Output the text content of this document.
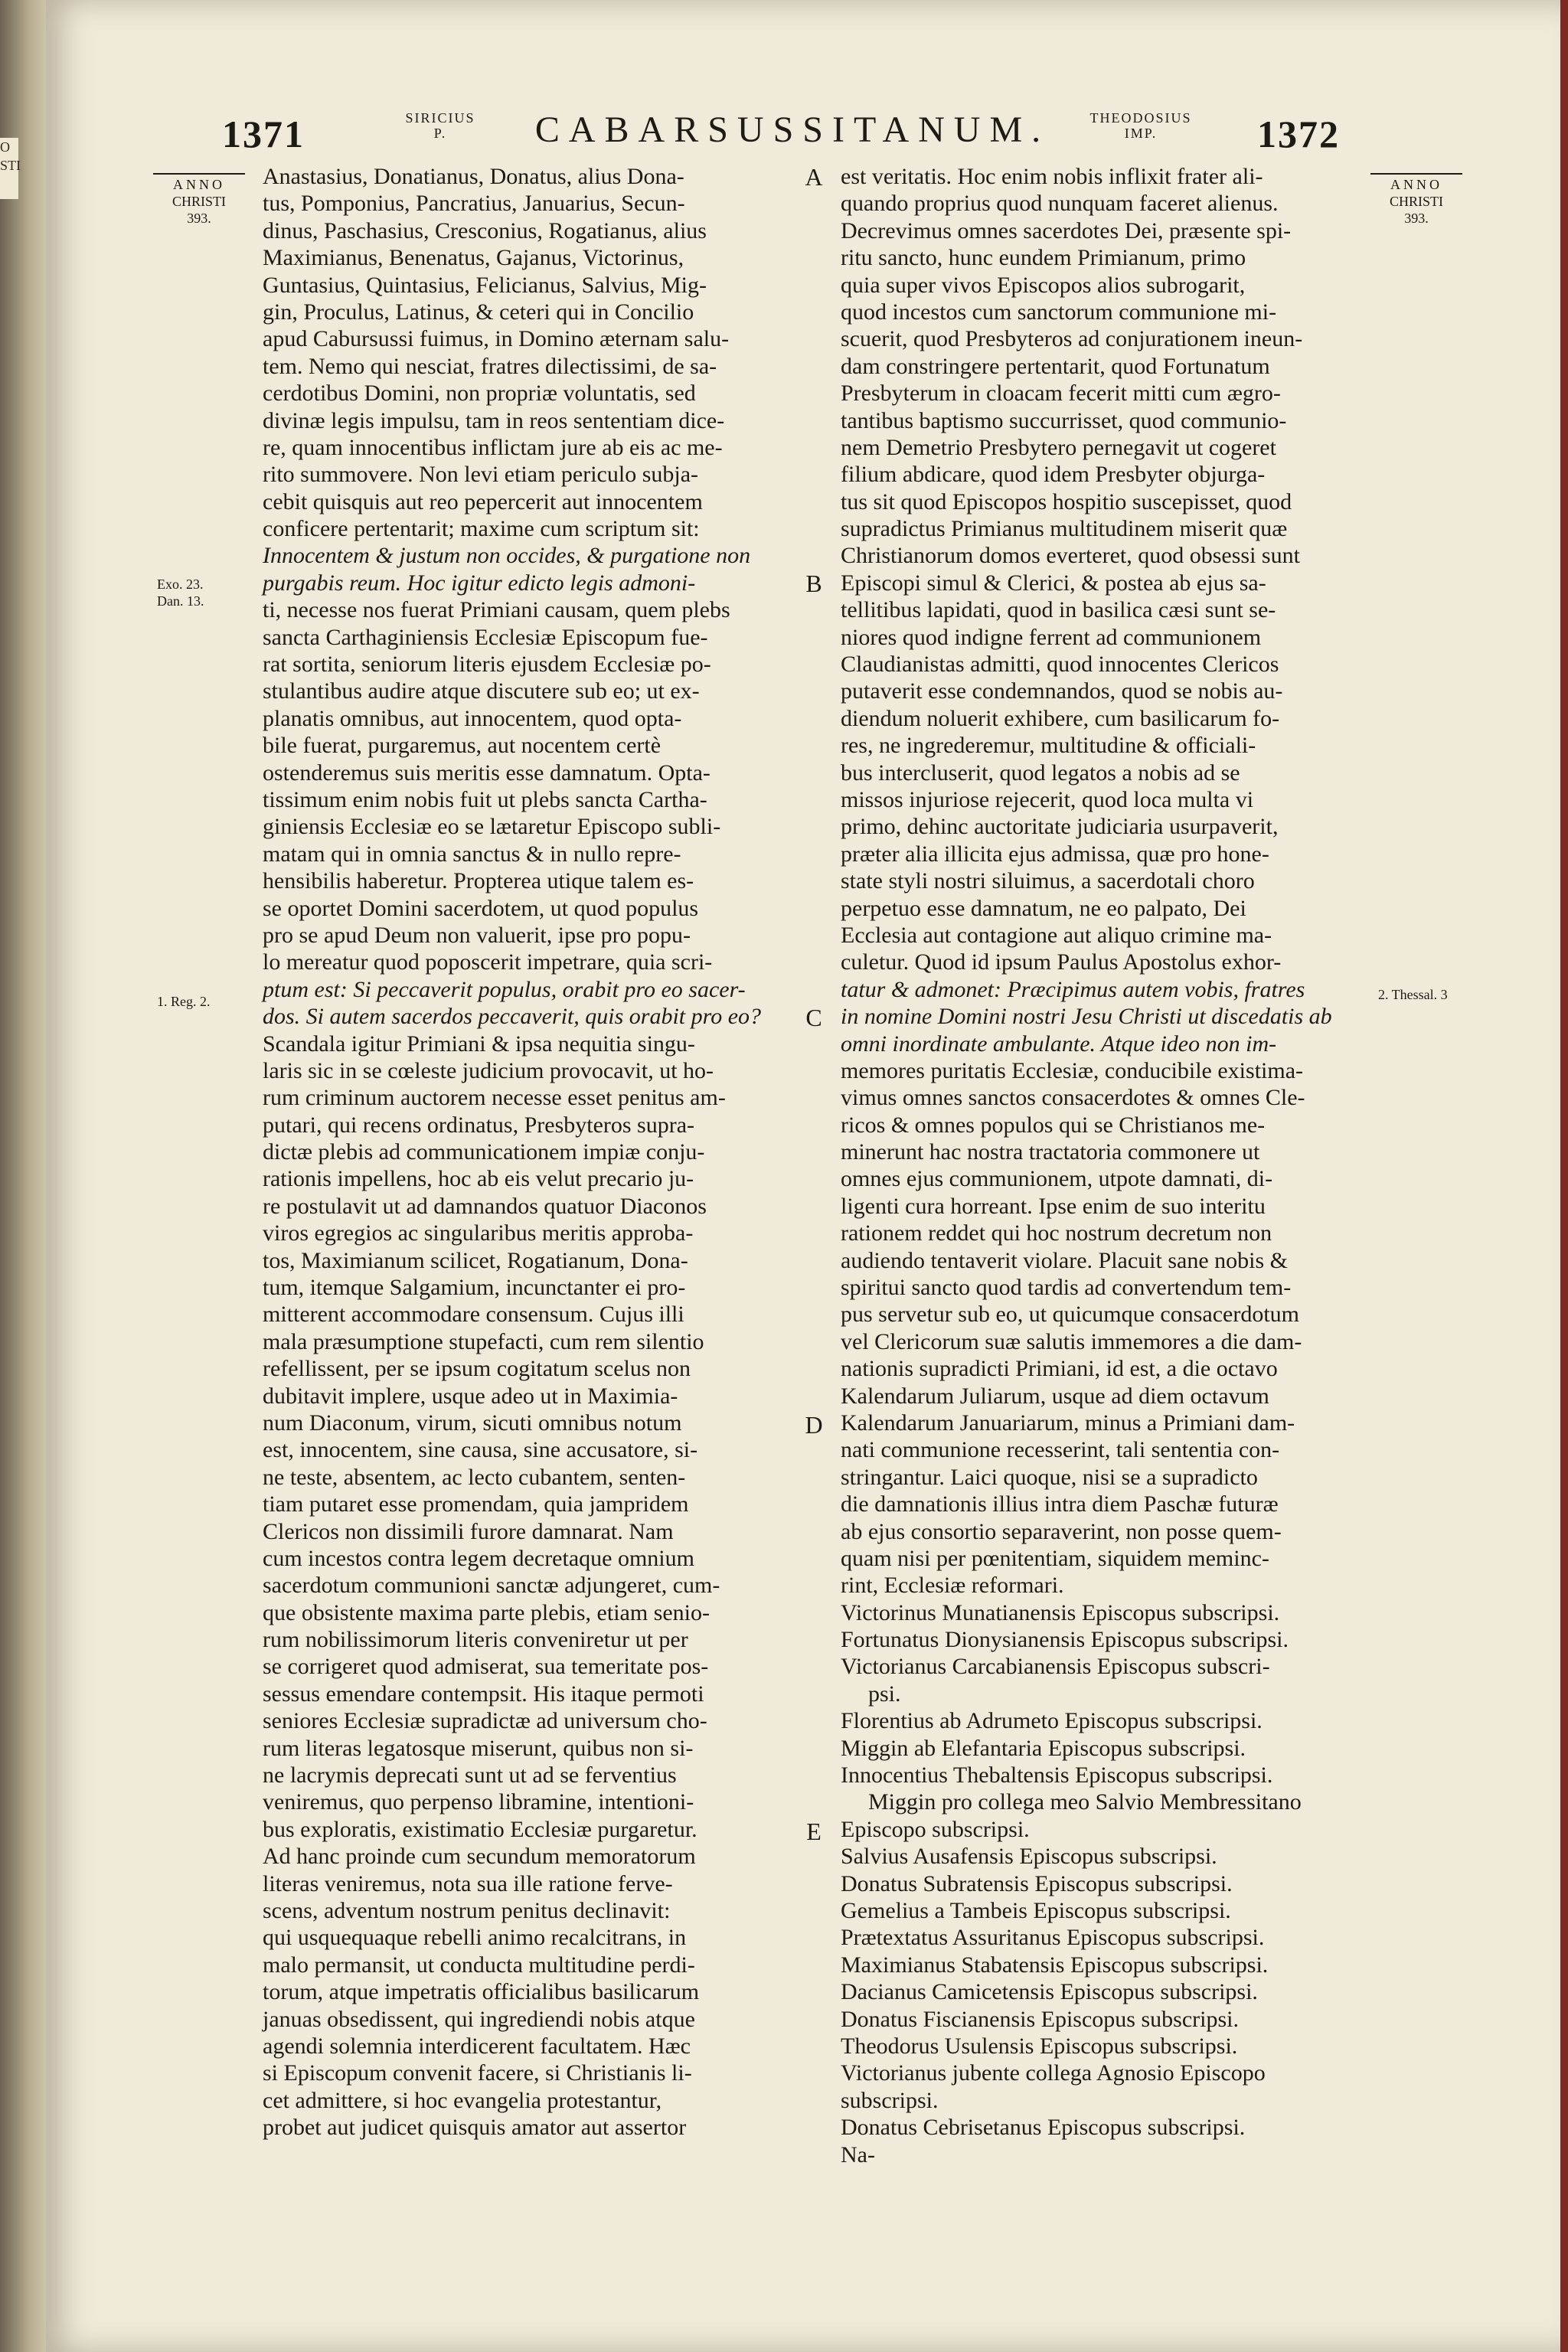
O
STI
1371	SIRICIUS
P.	CABARSUSSITANUM.	THEODOSIUS
IMP.	1372
ANNO
CHRISTI
393.
ANNO
CHRISTI
393.
Exo. 23.
Dan. 13.
1. Reg. 2.	2. Thessal. 3
A
B
C
D
E
Anastasius, Donatianus, Donatus, alius Dona-
tus, Pomponius, Pancratius, Januarius, Secun-
dinus, Paschasius, Cresconius, Rogatianus, alius
Maximianus, Benenatus, Gajanus, Victorinus,
Guntasius, Quintasius, Felicianus, Salvius, Mig-
gin, Proculus, Latinus, & ceteri qui in Concilio
apud Cabursussi fuimus, in Domino æternam salu-
tem. Nemo qui nesciat, fratres dilectissimi, de sa-
cerdotibus Domini, non propriæ voluntatis, sed
divinæ legis impulsu, tam in reos sententiam dice-
re, quam innocentibus inflictam jure ab eis ac me-
rito summovere. Non levi etiam periculo subja-
cebit quisquis aut reo pepercerit aut innocentem
conficere pertentarit; maxime cum scriptum sit:
Innocentem & justum non occides, & purgatione non
purgabis reum. Hoc igitur edicto legis admoni-
ti, necesse nos fuerat Primiani causam, quem plebs
sancta Carthaginiensis Ecclesiæ Episcopum fue-
rat sortita, seniorum literis ejusdem Ecclesiæ po-
stulantibus audire atque discutere sub eo; ut ex-
planatis omnibus, aut innocentem, quod opta-
bile fuerat, purgaremus, aut nocentem certè
ostenderemus suis meritis esse damnatum. Opta-
tissimum enim nobis fuit ut plebs sancta Cartha-
giniensis Ecclesiæ eo se lætaretur Episcopo subli-
matam qui in omnia sanctus & in nullo repre-
hensibilis haberetur. Propterea utique talem es-
se oportet Domini sacerdotem, ut quod populus
pro se apud Deum non valuerit, ipse pro popu-
lo mereatur quod poposcerit impetrare, quia scri-
ptum est: Si peccaverit populus, orabit pro eo sacer-
dos. Si autem sacerdos peccaverit, quis orabit pro eo?
Scandala igitur Primiani & ipsa nequitia singu-
laris sic in se cœleste judicium provocavit, ut ho-
rum criminum auctorem necesse esset penitus am-
putari, qui recens ordinatus, Presbyteros supra-
dictæ plebis ad communicationem impiæ conju-
rationis impellens, hoc ab eis velut precario ju-
re postulavit ut ad damnandos quatuor Diaconos
viros egregios ac singularibus meritis approba-
tos, Maximianum scilicet, Rogatianum, Dona-
tum, itemque Salgamium, incunctanter ei pro-
mitterent accommodare consensum. Cujus illi
mala præsumptione stupefacti, cum rem silentio
refellissent, per se ipsum cogitatum scelus non
dubitavit implere, usque adeo ut in Maximia-
num Diaconum, virum, sicuti omnibus notum
est, innocentem, sine causa, sine accusatore, si-
ne teste, absentem, ac lecto cubantem, senten-
tiam putaret esse promendam, quia jampridem
Clericos non dissimili furore damnarat. Nam
cum incestos contra legem decretaque omnium
sacerdotum communioni sanctæ adjungeret, cum-
que obsistente maxima parte plebis, etiam senio-
rum nobilissimorum literis conveniretur ut per
se corrigeret quod admiserat, sua temeritate pos-
sessus emendare contempsit. His itaque permoti
seniores Ecclesiæ supradictæ ad universum cho-
rum literas legatosque miserunt, quibus non si-
ne lacrymis deprecati sunt ut ad se ferventius
veniremus, quo perpenso libramine, intentioni-
bus exploratis, existimatio Ecclesiæ purgaretur.
Ad hanc proinde cum secundum memoratorum
literas veniremus, nota sua ille ratione ferve-
scens, adventum nostrum penitus declinavit:
qui usquequaque rebelli animo recalcitrans, in
malo permansit, ut conducta multitudine perdi-
torum, atque impetratis officialibus basilicarum
januas obsedissent, qui ingrediendi nobis atque
agendi solemnia interdicerent facultatem. Hæc
si Episcopum convenit facere, si Christianis li-
cet admittere, si hoc evangelia protestantur,
probet aut judicet quisquis amator aut assertor
est veritatis. Hoc enim nobis inflixit frater ali-
quando proprius quod nunquam faceret alienus.
Decrevimus omnes sacerdotes Dei, præsente spi-
ritu sancto, hunc eundem Primianum, primo
quia super vivos Episcopos alios subrogarit,
quod incestos cum sanctorum communione mi-
scuerit, quod Presbyteros ad conjurationem ineun-
dam constringere pertentarit, quod Fortunatum
Presbyterum in cloacam fecerit mitti cum ægro-
tantibus baptismo succurrisset, quod communio-
nem Demetrio Presbytero pernegavit ut cogeret
filium abdicare, quod idem Presbyter objurga-
tus sit quod Episcopos hospitio suscepisset, quod
supradictus Primianus multitudinem miserit quæ
Christianorum domos everteret, quod obsessi sunt
Episcopi simul & Clerici, & postea ab ejus sa-
tellitibus lapidati, quod in basilica cæsi sunt se-
niores quod indigne ferrent ad communionem
Claudianistas admitti, quod innocentes Clericos
putaverit esse condemnandos, quod se nobis au-
diendum noluerit exhibere, cum basilicarum fo-
res, ne ingrederemur, multitudine & officiali-
bus intercluserit, quod legatos a nobis ad se
missos injuriose rejecerit, quod loca multa vi
primo, dehinc auctoritate judiciaria usurpaverit,
præter alia illicita ejus admissa, quæ pro hone-
state styli nostri siluimus, a sacerdotali choro
perpetuo esse damnatum, ne eo palpato, Dei
Ecclesia aut contagione aut aliquo crimine ma-
culetur. Quod id ipsum Paulus Apostolus exhor-
tatur & admonet: Præcipimus autem vobis, fratres
in nomine Domini nostri Jesu Christi ut discedatis ab
omni inordinate ambulante. Atque ideo non im-
memores puritatis Ecclesiæ, conducibile existima-
vimus omnes sanctos consacerdotes & omnes Cle-
ricos & omnes populos qui se Christianos me-
minerunt hac nostra tractatoria commonere ut
omnes ejus communionem, utpote damnati, di-
ligenti cura horreant. Ipse enim de suo interitu
rationem reddet qui hoc nostrum decretum non
audiendo tentaverit violare. Placuit sane nobis &
spiritui sancto quod tardis ad convertendum tem-
pus servetur sub eo, ut quicumque consacerdotum
vel Clericorum suæ salutis immemores a die dam-
nationis supradicti Primiani, id est, a die octavo
Kalendarum Juliarum, usque ad diem octavum
Kalendarum Januariarum, minus a Primiani dam-
nati communione recesserint, tali sententia con-
stringantur. Laici quoque, nisi se a supradicto
die damnationis illius intra diem Paschæ futuræ
ab ejus consortio separaverint, non posse quem-
quam nisi per pœnitentiam, siquidem meminc-
rint, Ecclesiæ reformari.
Victorinus Munatianensis Episcopus subscripsi.
Fortunatus Dionysianensis Episcopus subscripsi.
Victorianus Carcabianensis Episcopus subscri-
psi.
Florentius ab Adrumeto Episcopus subscripsi.
Miggin ab Elefantaria Episcopus subscripsi.
Innocentius Thebaltensis Episcopus subscripsi.
Miggin pro collega meo Salvio Membressitano
Episcopo subscripsi.
Salvius Ausafensis Episcopus subscripsi.
Donatus Subratensis Episcopus subscripsi.
Gemelius a Tambeis Episcopus subscripsi.
Prætextatus Assuritanus Episcopus subscripsi.
Maximianus Stabatensis Episcopus subscripsi.
Dacianus Camicetensis Episcopus subscripsi.
Donatus Fiscianensis Episcopus subscripsi.
Theodorus Usulensis Episcopus subscripsi.
Victorianus jubente collega Agnosio Episcopo
subscripsi.
Donatus Cebrisetanus Episcopus subscripsi.
Na-
